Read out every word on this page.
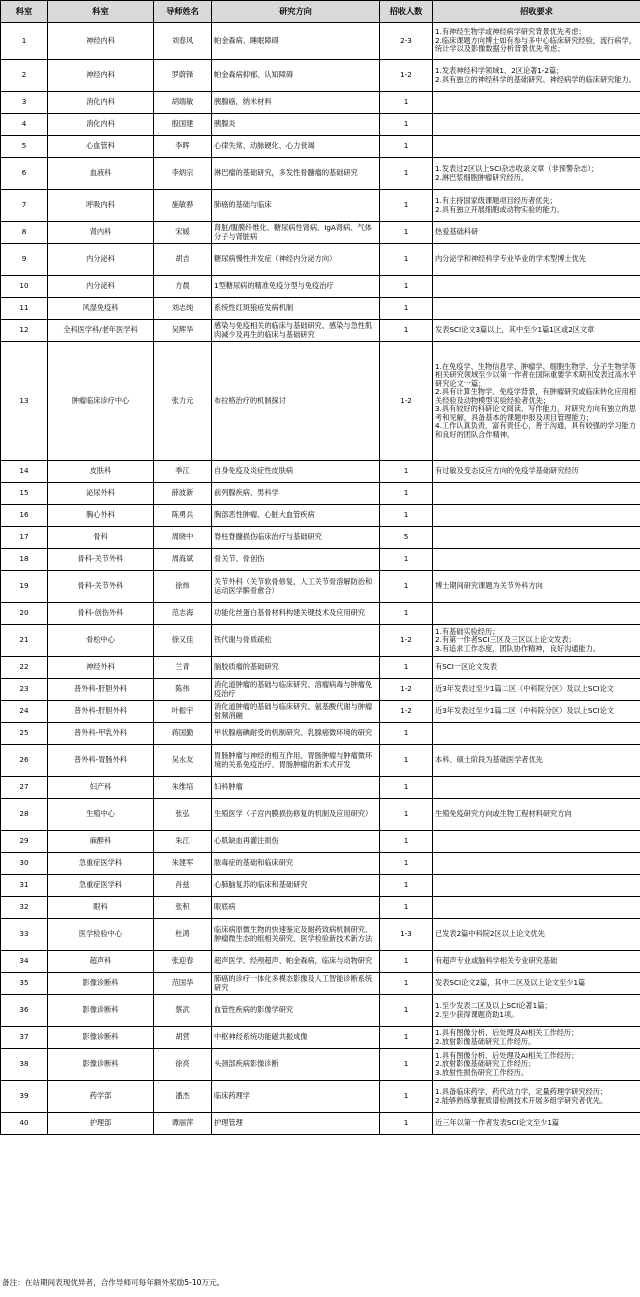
科室	科室	导师姓名	研究方向	招收人数	招收要求
1	神经内科	刘春风	帕金森病、睡眠障碍	2-3	1.有神经生物学或神经病学研究背景优先考虑；
2.临床课题方向博士如有参与多中心临床研究经验，流行病学，统计学以及影像数据分析背景优先考虑；
2	神经内科	罗蔚锋	帕金森病抑郁、认知障碍	1-2	1.发表神经科学领域1、2区论著1-2篇；
2.具有独立的神经科学的基础研究、神经病学的临床研究能力。
3	消化内科	胡端敏	胰腺癌，纳米材料	1	
4	消化内科	殷国建	胰腺炎	1	
5	心血管科	李晖	心律失常、动脉硬化、心力衰竭	1	
6	血液科	李炳宗	淋巴瘤的基础研究，多发性骨髓瘤的基础研究	1	1.发表过2区以上SCI杂志收录文章（非预警杂志）；
2.淋巴浆细胞肿瘤研究经历。
7	呼吸内科	施敏骅	肺癌的基础与临床	1	1.有主持国家级课题项目经历者优先；
2.具有独立开展细胞或动物实验的能力。
8	肾内科	宋媛	肾脏/腹膜纤维化、糖尿病性肾病、IgA肾病、气体分子与肾脏病	1	热爱基础科研
9	内分泌科	胡吉	糖尿病慢性并发症（神经内分泌方向）	1	内分泌学和神经科学专业毕业的学术型博士优先
10	内分泌科	方晨	1型糖尿病的精准免疫分型与免疫治疗	1	
11	风湿免疫科	刘志纯	系统性红斑狼疮发病机制	1	
12	全科医学科/老年医学科	吴辉华	感染与免疫相关的临床与基础研究、感染与急性肌肉减少及再生的临床与基础研究	1	发表SCI论文3篇以上，其中至少1篇1区或2区文章
13	肿瘤临床诊疗中心	张力元	布拉格治疗的机制探讨	1-2	1.在免疫学、生物信息学、肿瘤学、细胞生物学、分子生物学等相关研究领域至少以第一作者在国际重要学术期刊发表过高水平研究论文一篇；
2.具有计算生物学、免疫学背景，有肿瘤研究或临床转化应用相关经验及动物模型实验经验者优先；
3.具有较好的科研论文阅读、写作能力，对研究方向有独立的思考和见解，具备基本的课题申报及项目管理能力；
4.工作认真负责，富有责任心，善于沟通，具有较强的学习能力和良好的团队合作精神。
14	皮肤科	季江	自身免疫及炎症性皮肤病	1	有过敏及变态反应方向的免疫学基础研究经历
15	泌尿外科	薛波新	前列腺疾病、男科学	1	
16	胸心外科	陈勇兵	胸部恶性肿瘤、心脏大血管疾病	1	
17	骨科	周晓中	脊柱脊髓损伤临床治疗与基础研究	5	
18	骨科-关节外科	周海斌	骨关节、骨创伤	1	
19	骨科-关节外科	徐炜	关节外科（关节软骨修复，人工关节骨溶解防治和运动医学髌骨愈合）	1	博士期间研究课题为关节外科方向
20	骨科-创伤外科	范志海	功能化丝蛋白基骨材料构建关键技术及应用研究	1	
21	骨松中心	徐又佳	铁代谢与骨质疏松	1-2	1.有基础实验经历；
2.有第一作者SCI三区及三区以上论文发表；
3.有追求工作态度，团队协作精神，良好沟通能力。
22	神经外科	兰青	脑胶质瘤的基础研究	1	有SCI一区论文发表
23	普外科-肝胆外科	陈伟	消化道肿瘤的基础与临床研究、溶瘤病毒与肿瘤免疫治疗	1-2	近3年发表过至少1篇二区（中科院分区）及以上SCI论文
24	普外科-肝胆外科	叶振宇	消化道肿瘤的基础与临床研究、氨基酸代谢与肿瘤射频消融	1-2	近3年发表过至少1篇二区（中科院分区）及以上SCI论文
25	普外科-甲乳外科	蒋国勤	甲状腺癌碘耐受的机制研究、乳腺癌微环境的研究	1	
26	普外科-胃肠外科	吴永友	胃肠肿瘤与神经的相互作用、胃肠肿瘤与肿瘤微环境的关系免疫治疗、胃肠肿瘤的新术式开发	1	本科、硕士阶段为基础医学者优先
27	妇产科	朱维培	妇科肿瘤	1	
28	生殖中心	张弘	生殖医学（子宫内膜损伤修复的机制及应用研究）	1	生殖免疫研究方向或生物工程材料研究方向
29	麻醉科	朱江	心肌缺血再灌注损伤	1	
30	急重症医学科	朱建军	脓毒症的基础和临床研究	1	
31	急重症医学科	肖兹	心肺脑复苏的临床和基础研究	1	
32	眼科	张积	眼底病	1	
33	医学检验中心	杜鸿	临床病原微生物的快速鉴定及耐药致病机制研究、肿瘤微生态的组相关研究、医学检验新技术新方法	1-3	已发表2篇中科院2区以上论文优先
34	超声科	张迎春	超声医学、经颅超声、帕金森病，临床与动物研究	1	有超声专业或脑科学相关专业研究基础
35	影像诊断科	范国华	肺癌的诊疗一体化多模态影像及人工智能诊断系统研究	1	发表SCI论文2篇，其中二区及以上论文至少1篇
36	影像诊断科	蔡武	血管性疾病的影像学研究	1	1.至少发表二区及以上SCI论著1篇；
2.至少获得课题资助1项。
37	影像诊断科	胡营	中枢神经系统功能磁共振成像	1	1.具有图像分析、后处理及AI相关工作经历；
2.放射影像基础研究工作经历。
38	影像诊断科	徐亮	头颈部疾病影像诊断	1	1.具有图像分析、后处理及AI相关工作经历；
2.放射影像基础研究工作经历；
3.放射性损伤研究工作经历。
39	药学部	潘杰	临床药理学	1	1.具备临床药学，药代动力学，定量药理学研究经历；
2.能够熟练掌握质谱检测技术开展多组学研究者优先。
40	护理部	谭丽萍	护理管理	1	近三年以第一作者发表SCI论文至少1篇
备注：在站期间表现优异者，合作导师可每年额外奖励5-10万元。
